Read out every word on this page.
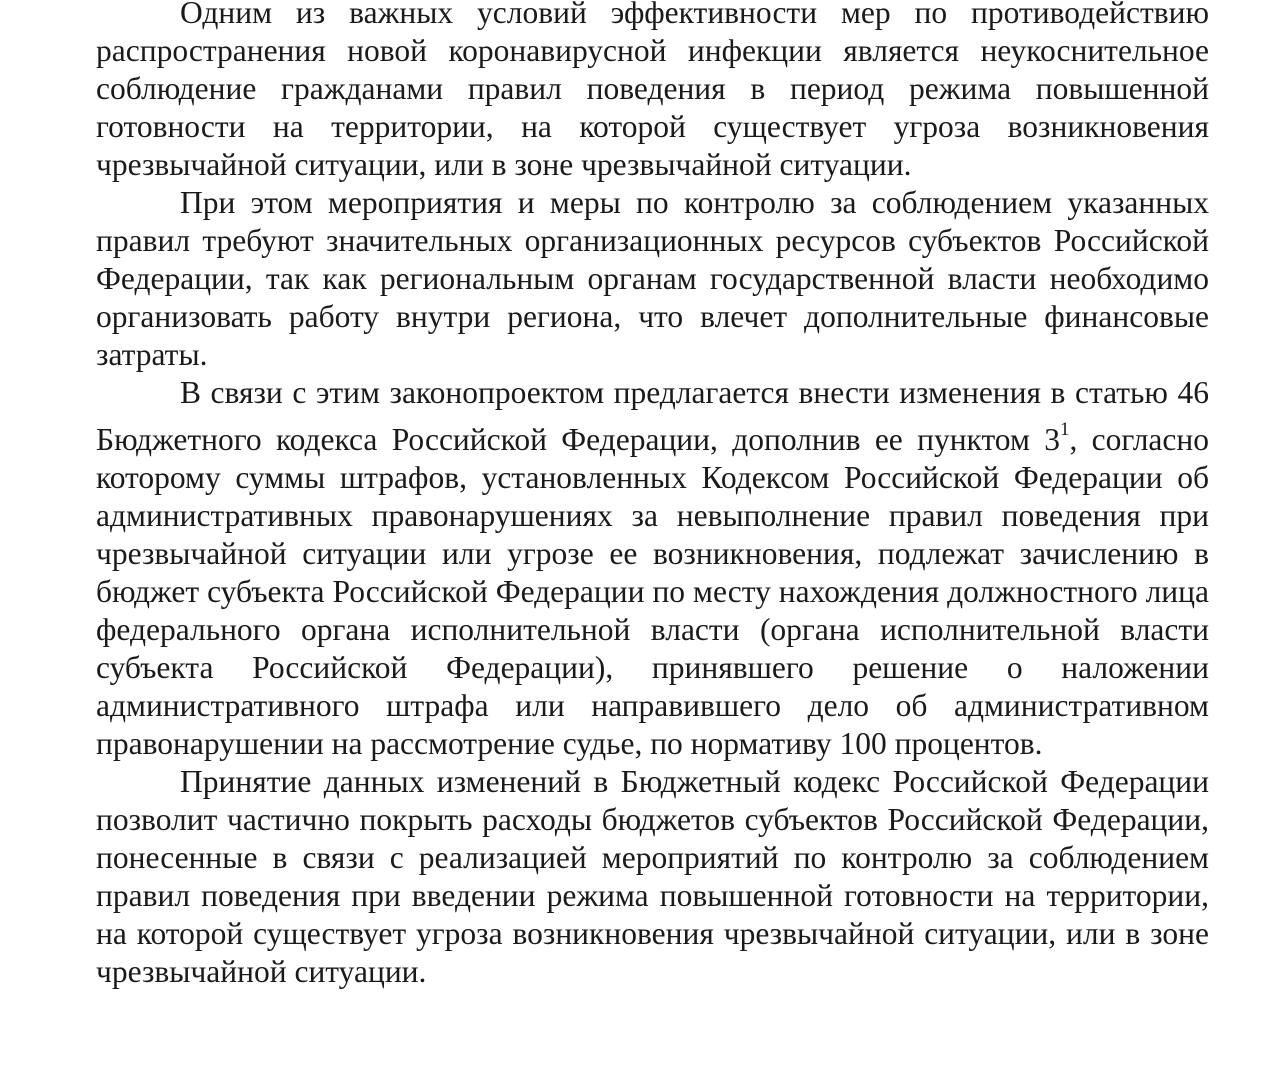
Одним из важных условий эффективности мер по противодействию распространения новой коронавирусной инфекции является неукоснительное соблюдение гражданами правил поведения в период режима повышенной готовности на территории, на которой существует угроза возникновения чрезвычайной ситуации, или в зоне чрезвычайной ситуации.

При этом мероприятия и меры по контролю за соблюдением указанных правил требуют значительных организационных ресурсов субъектов Российской Федерации, так как региональным органам государственной власти необходимо организовать работу внутри региона, что влечет дополнительные финансовые затраты.

В связи с этим законопроектом предлагается внести изменения в статью 46 Бюджетного кодекса Российской Федерации, дополнив ее пунктом $3^1$, согласно которому суммы штрафов, установленных Кодексом Российской Федерации об административных правонарушениях за невыполнение правил поведения при чрезвычайной ситуации или угрозе ее возникновения, подлежат зачислению в бюджет субъекта Российской Федерации по месту нахождения должностного лица федерального органа исполнительной власти (органа исполнительной власти субъекта Российской Федерации), принявшего решение о наложении административного штрафа или направившего дело об административном правонарушении на рассмотрение судье, по нормативу 100 процентов.

Принятие данных изменений в Бюджетный кодекс Российской Федерации позволит частично покрыть расходы бюджетов субъектов Российской Федерации, понесенные в связи с реализацией мероприятий по контролю за соблюдением правил поведения при введении режима повышенной готовности на территории, на которой существует угроза возникновения чрезвычайной ситуации, или в зоне чрезвычайной ситуации.
